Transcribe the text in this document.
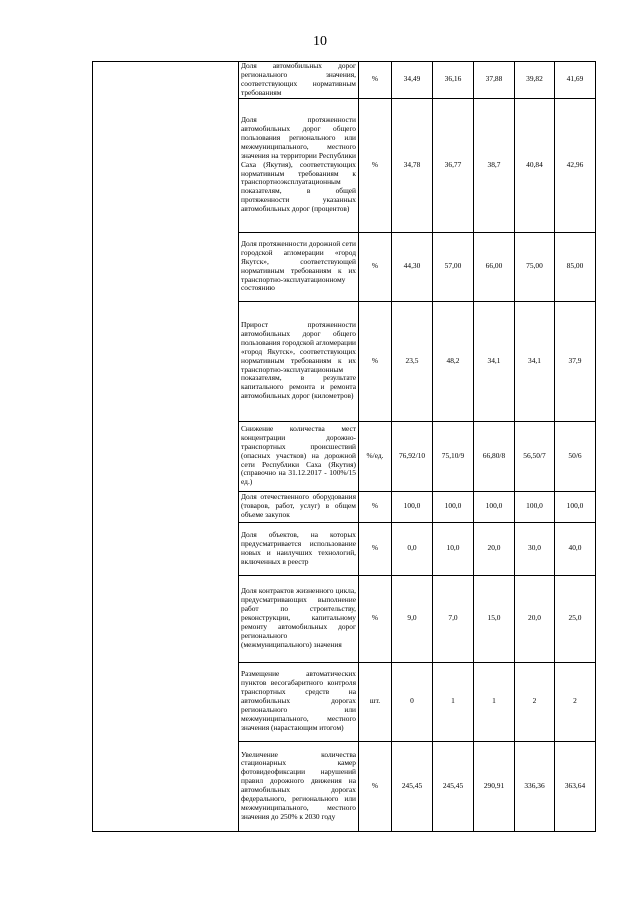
10
	Доля автомобильных дорог регионального значения, соответствующих нормативным требованиям	%	34,49	36,16	37,88	39,82	41,69
	Доля протяженности автомобильных дорог общего пользования регионального или межмуниципального, местного значения на территории Республики Саха (Якутия), соответствующих нормативным требованиям к транспортноэксплуатационным показателям, в общей протяженности указанных автомобильных дорог (процентов)	%	34,78	36,77	38,7	40,84	42,96
	Доля протяженности дорожной сети городской агломерации «город Якутск», соответствующей нормативным требованиям к их транспортно-эксплуатационному состоянию	%	44,30	57,00	66,00	75,00	85,00
	Прирост протяженности автомобильных дорог общего пользования городской агломерации «город Якутск», соответствующих нормативным требованиям к их транспортно-эксплуатационным показателям, в результате капитального ремонта и ремонта автомобильных дорог (километров)	%	23,5	48,2	34,1	34,1	37,9
	Снижение количества мест концентрации дорожно-транспортных происшествий (опасных участков) на дорожной сети Республики Саха (Якутия) (справочно на 31.12.2017 - 100%/15 ед.)	%/ед.	76,92/10	75,10/9	66,80/8	56,50/7	50/6
	Доля отечественного оборудования (товаров, работ, услуг) в общем объеме закупок	%	100,0	100,0	100,0	100,0	100,0
	Доля объектов, на которых предусматривается использование новых и наилучших технологий, включенных в реестр	%	0,0	10,0	20,0	30,0	40,0
	Доля контрактов жизненного цикла, предусматривающих выполнение работ по строительству, реконструкции, капитальному ремонту автомобильных дорог регионального (межмуниципального) значения	%	9,0	7,0	15,0	20,0	25,0
	Размещение автоматических пунктов весогабаритного контроля транспортных средств на автомобильных дорогах регионального или межмуниципального, местного значения (нарастающим итогом)	шт.	0	1	1	2	2
	Увеличение количества стационарных камер фотовидеофиксации нарушений правил дорожного движения на автомобильных дорогах федерального, регионального или межмуниципального, местного значения до 250% к 2030 году	%	245,45	245,45	290,91	336,36	363,64
